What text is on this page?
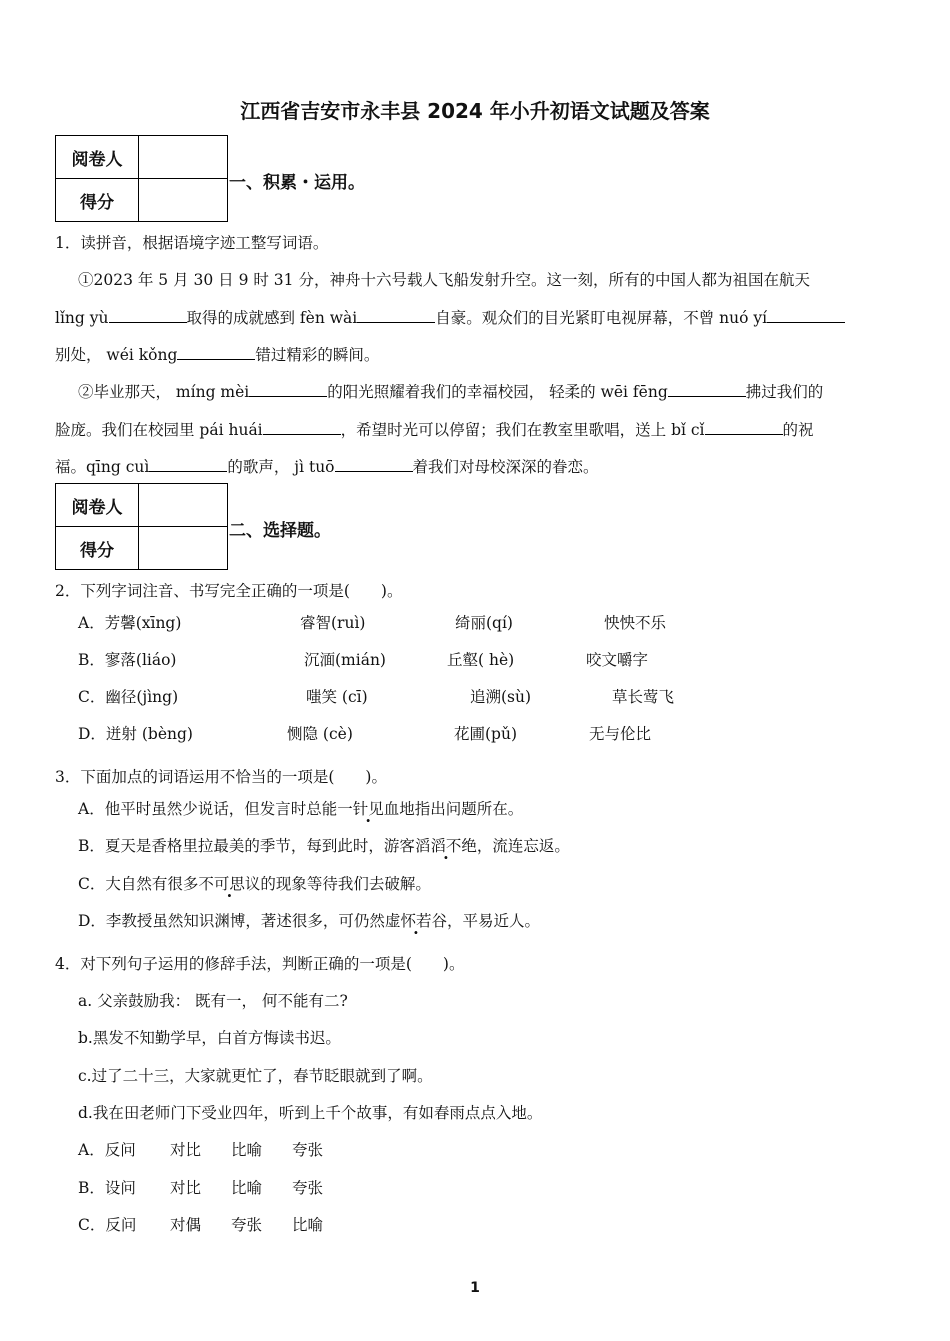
江西省吉安市永丰县 2024 年小升初语文试题及答案
阅卷人	
得分	
一、积累・运用。
1．读拼音，根据语境字迹工整写词语。
①2023 年 5 月 30 日 9 时 31 分，神舟十六号载人飞船发射升空。这一刻，所有的中国人都为祖国在航天
lǐng yù	取得的成就感到 fèn wài	自豪。观众们的目光紧盯电视屏幕，不曾 nuó yí
别处， wéi kǒng	错过精彩的瞬间。
②毕业那天， míng mèi	的阳光照耀着我们的幸福校园， 轻柔的 wēi fēng	拂过我们的
脸庞。我们在校园里 pái huái	，希望时光可以停留；我们在教室里歌唱，送上 bǐ cǐ	的祝
福。qīng cuì	的歌声， jì tuō	着我们对母校深深的眷恋。
阅卷人	
得分	
二、选择题。
2．下列字词注音、书写完全正确的一项是(　　)。
A．芳馨(xīng)	睿智(ruì)	绮丽(qí)	怏怏不乐
B．寥落(liáo)	沉湎(mián)	丘壑( hè)	咬文嚼字
C．幽径(jìng)	嗤笑 (cī)	追溯(sù)	草长莺飞
D．迸射 (bèng)	恻隐 (cè)	花圃(pǔ)	无与伦比
3．下面加点的词语运用不恰当的一项是(　　)。
A．他平时虽然少说话，但发言时总能一针见血地指出问题所在。
B．夏天是香格里拉最美的季节，每到此时，游客滔滔不绝，流连忘返。
C．大自然有很多不可思议的现象等待我们去破解。
D．李教授虽然知识渊博，著述很多，可仍然虚怀若谷，平易近人。
4．对下列句子运用的修辞手法，判断正确的一项是(　　)。
a. 父亲鼓励我： 既有一， 何不能有二?
b.黑发不知勤学早，白首方悔读书迟。
c.过了二十三，大家就更忙了，春节眨眼就到了啊。
d.我在田老师门下受业四年，听到上千个故事，有如春雨点点入地。
A．反问	对比	比喻	夸张
B．设问	对比	比喻	夸张
C．反问	对偶	夸张	比喻
1
